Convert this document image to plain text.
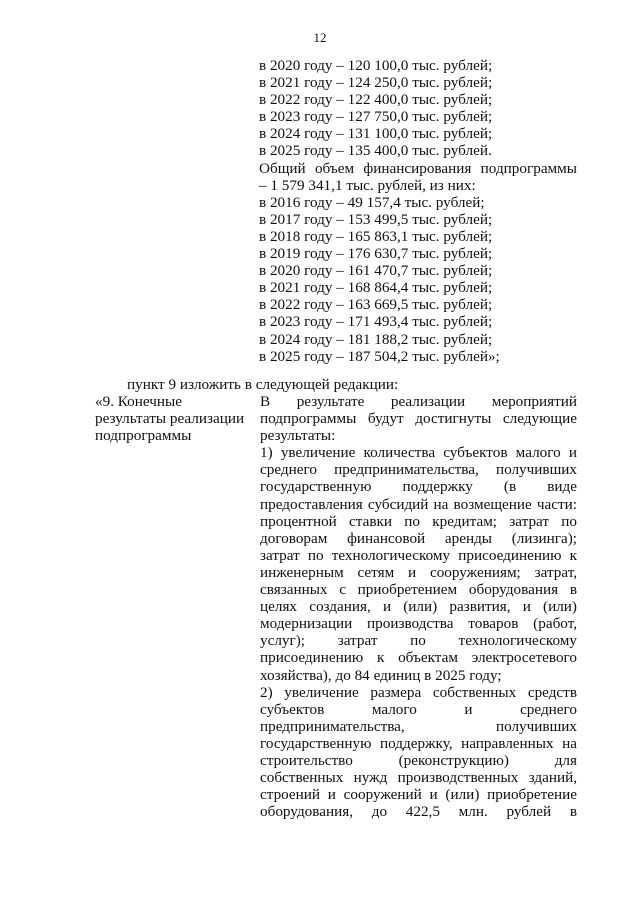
12
в 2020 году – 120 100,0 тыс. рублей;
в 2021 году – 124 250,0 тыс. рублей;
в 2022 году – 122 400,0 тыс. рублей;
в 2023 году – 127 750,0 тыс. рублей;
в 2024 году – 131 100,0 тыс. рублей;
в 2025 году – 135 400,0 тыс. рублей.
Общий объем финансирования подпрограммы
– 1 579 341,1 тыс. рублей, из них:
в 2016 году – 49 157,4 тыс. рублей;
в 2017 году – 153 499,5 тыс. рублей;
в 2018 году – 165 863,1 тыс. рублей;
в 2019 году – 176 630,7 тыс. рублей;
в 2020 году – 161 470,7 тыс. рублей;
в 2021 году – 168 864,4 тыс. рублей;
в 2022 году – 163 669,5 тыс. рублей;
в 2023 году – 171 493,4 тыс. рублей;
в 2024 году – 181 188,2 тыс. рублей;
в 2025 году – 187 504,2 тыс. рублей»;
пункт 9 изложить в следующей редакции:
«9. Конечные
результаты реализации
подпрограммы
В результате реализации мероприятий
подпрограммы будут достигнуты следующие
результаты:
1) увеличение количества субъектов малого и
среднего предпринимательства, получивших
государственную поддержку (в виде
предоставления субсидий на возмещение части:
процентной ставки по кредитам; затрат по
договорам финансовой аренды (лизинга);
затрат по технологическому присоединению к
инженерным сетям и сооружениям; затрат,
связанных с приобретением оборудования в
целях создания, и (или) развития, и (или)
модернизации производства товаров (работ,
услуг); затрат по технологическому
присоединению к объектам электросетевого
хозяйства), до 84 единиц в 2025 году;
2) увеличение размера собственных средств
субъектов малого и среднего
предпринимательства, получивших
государственную поддержку, направленных на
строительство (реконструкцию) для
собственных нужд производственных зданий,
строений и сооружений и (или) приобретение
оборудования, до 422,5 млн. рублей в
